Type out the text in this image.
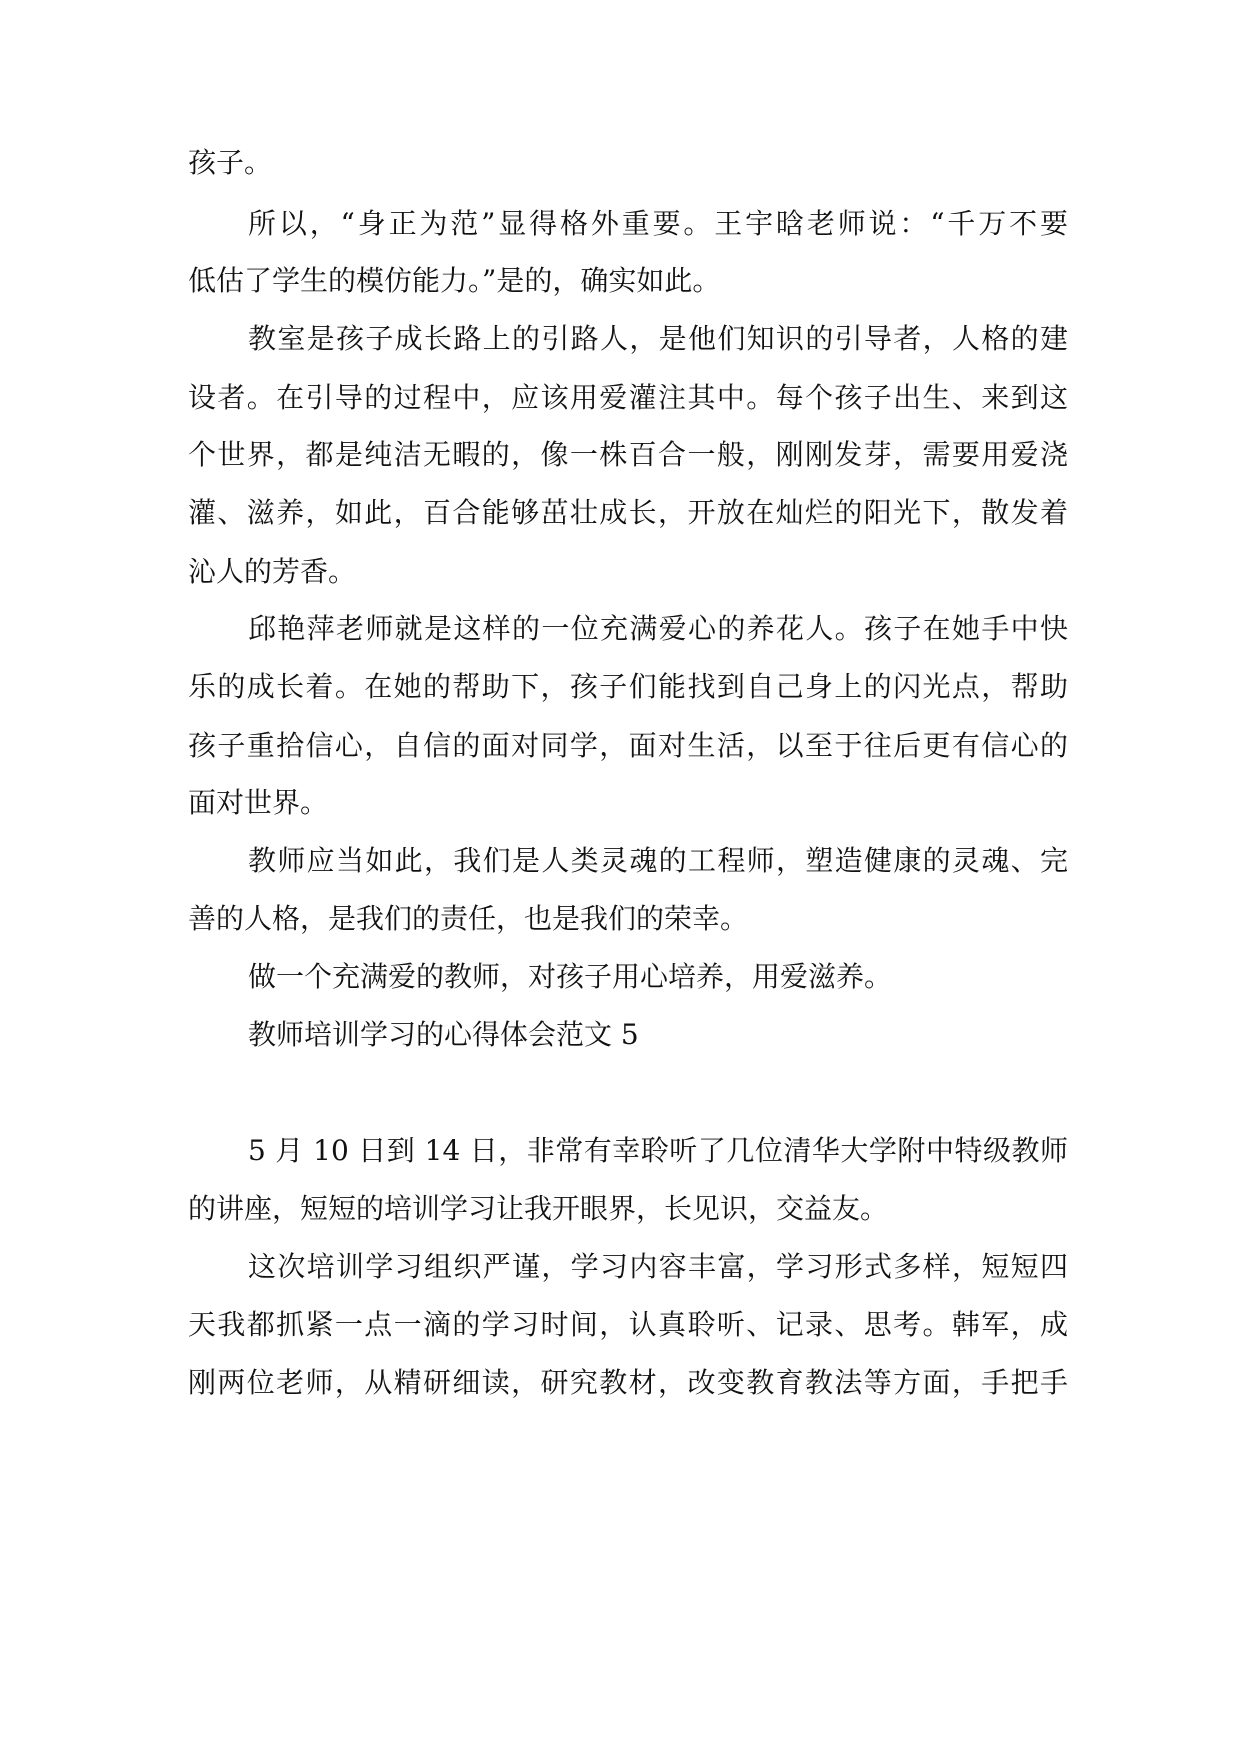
孩子。
所以，“身正为范”显得格外重要。王宇晗老师说：“千万不要
低估了学生的模仿能力。”是的，确实如此。
教室是孩子成长路上的引路人，是他们知识的引导者，人格的建
设者。在引导的过程中，应该用爱灌注其中。每个孩子出生、来到这
个世界，都是纯洁无暇的，像一株百合一般，刚刚发芽，需要用爱浇
灌、滋养，如此，百合能够茁壮成长，开放在灿烂的阳光下，散发着
沁人的芳香。
邱艳萍老师就是这样的一位充满爱心的养花人。孩子在她手中快
乐的成长着。在她的帮助下，孩子们能找到自己身上的闪光点，帮助
孩子重拾信心，自信的面对同学，面对生活，以至于往后更有信心的
面对世界。
教师应当如此，我们是人类灵魂的工程师，塑造健康的灵魂、完
善的人格，是我们的责任，也是我们的荣幸。
做一个充满爱的教师，对孩子用心培养，用爱滋养。
教师培训学习的心得体会范文 5
5 月 10 日到 14 日，非常有幸聆听了几位清华大学附中特级教师
的讲座，短短的培训学习让我开眼界，长见识，交益友。
这次培训学习组织严谨，学习内容丰富，学习形式多样，短短四
天我都抓紧一点一滴的学习时间，认真聆听、记录、思考。韩军，成
刚两位老师，从精研细读，研究教材，改变教育教法等方面，手把手
